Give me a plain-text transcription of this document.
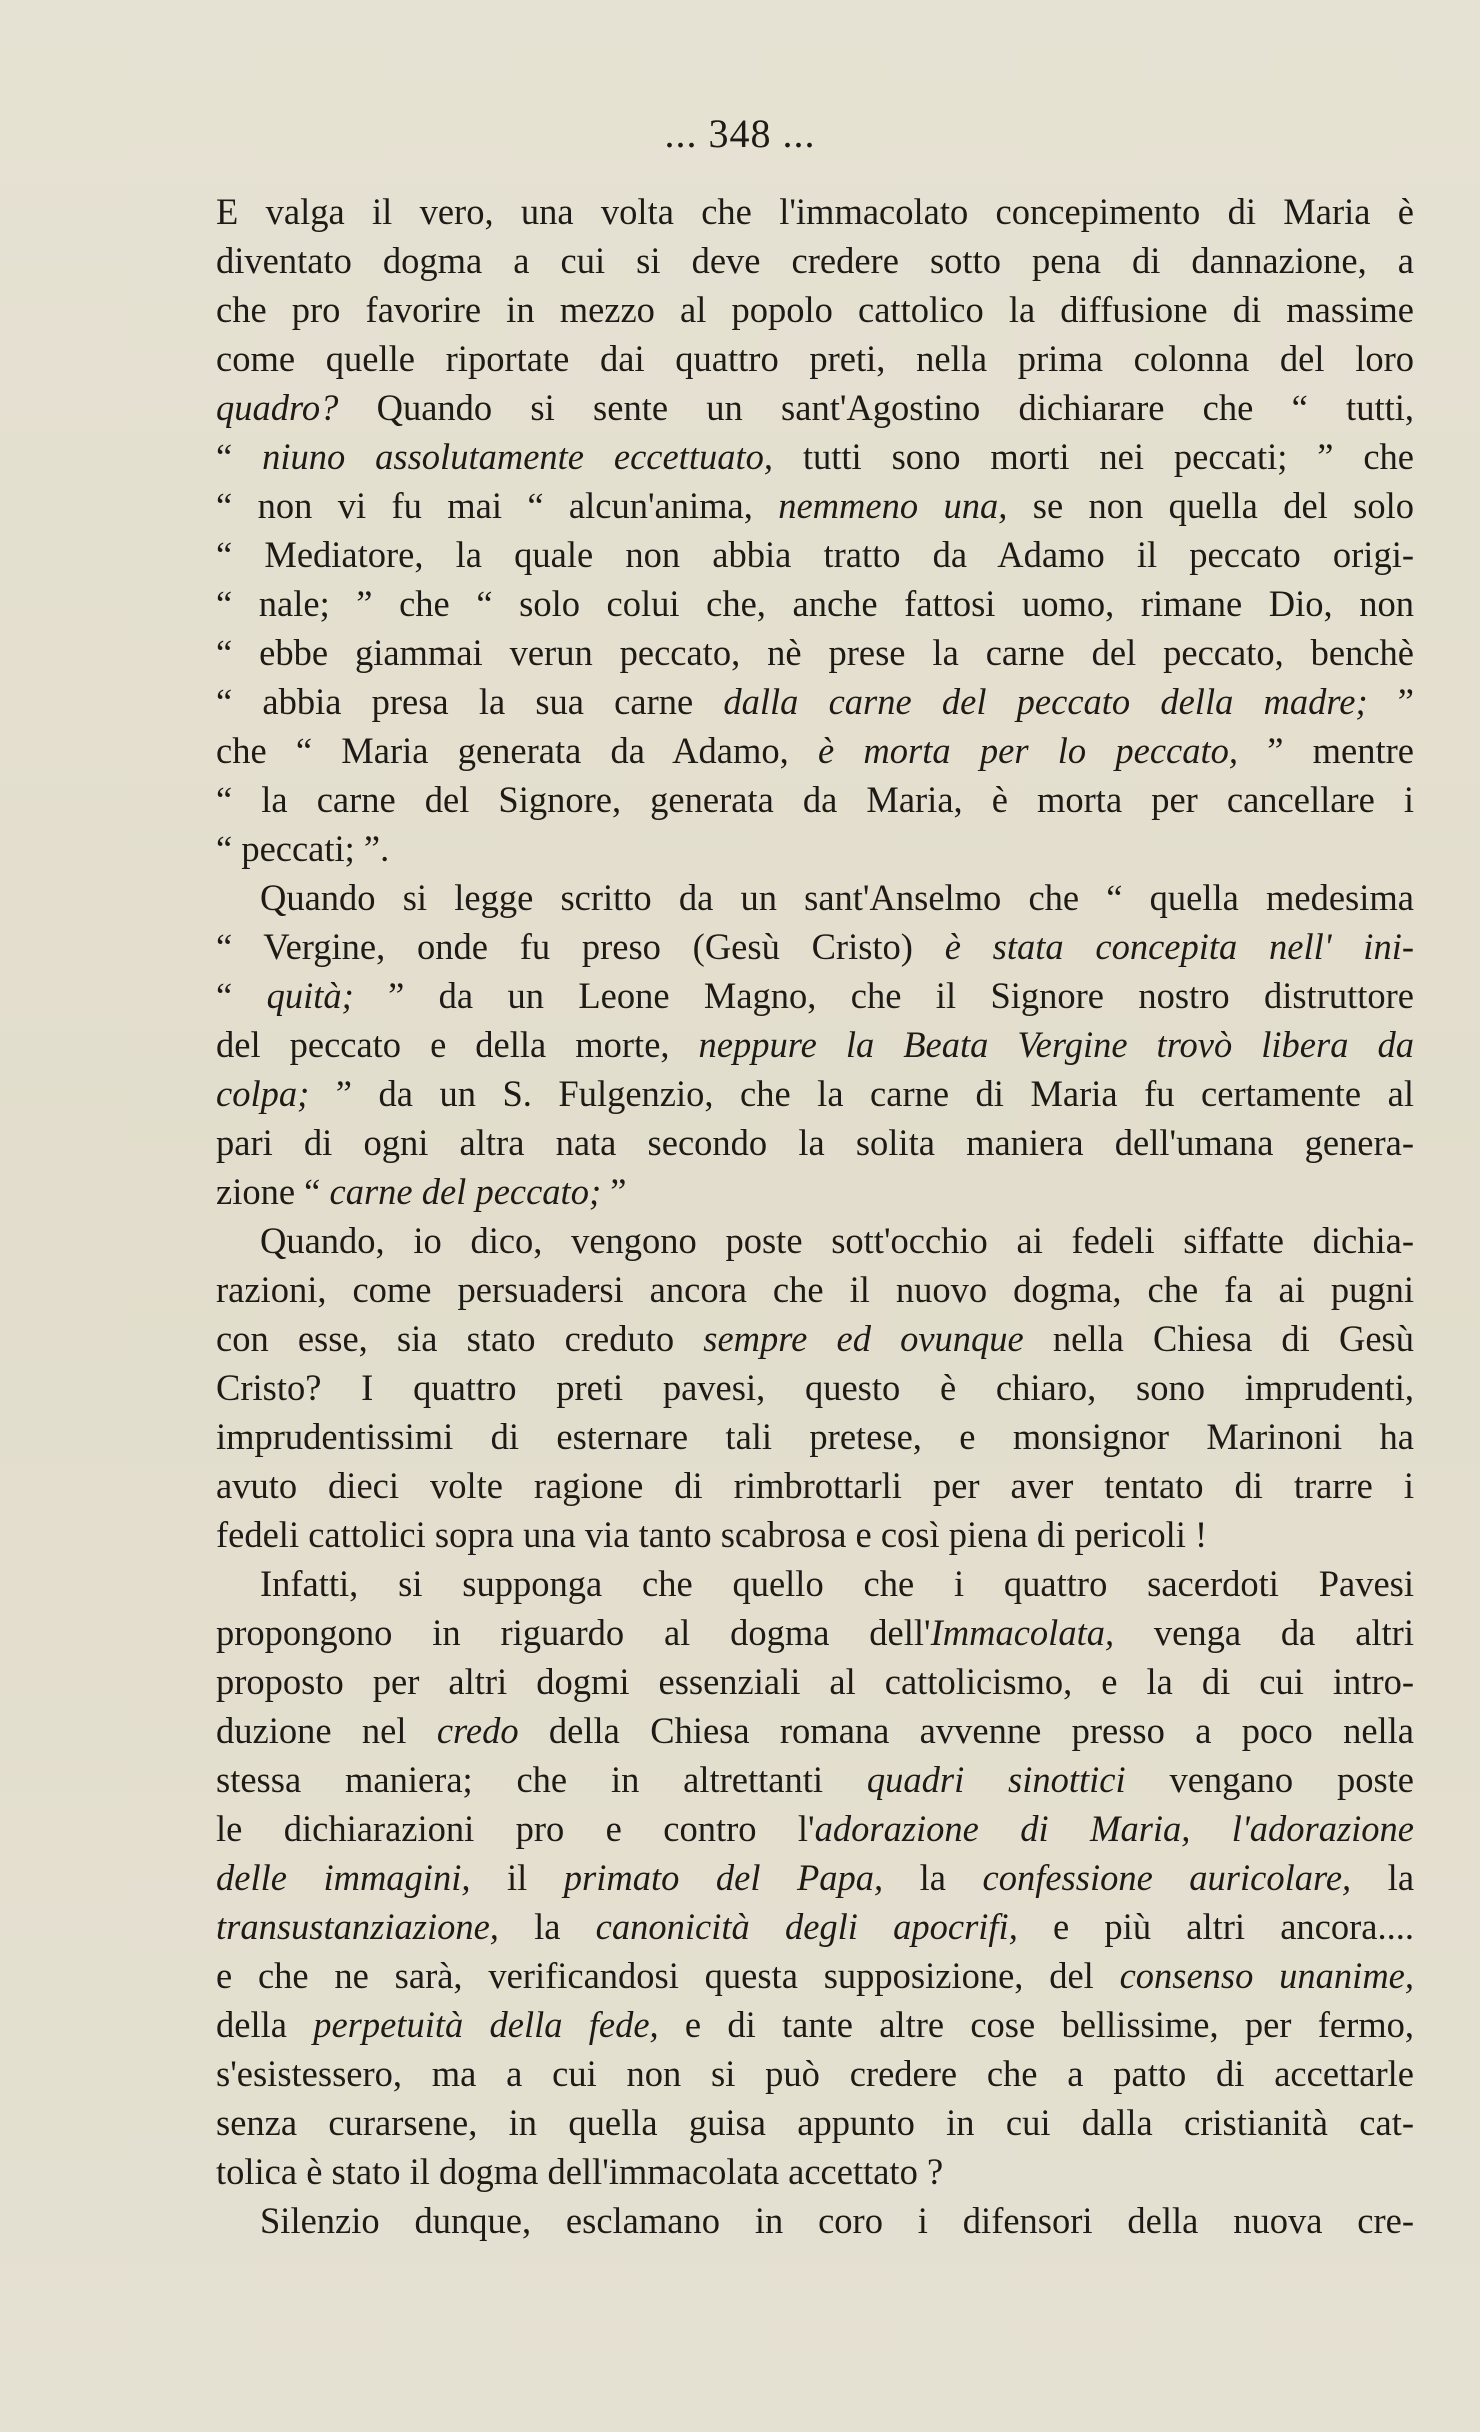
... 348 ...
E valga il vero, una volta che l'immacolato concepimento di Maria è
diventato dogma a cui si deve credere sotto pena di dannazione, a
che pro favorire in mezzo al popolo cattolico la diffusione di massime
come quelle riportate dai quattro preti, nella prima colonna del loro
quadro? Quando si sente un sant'Agostino dichiarare che “ tutti,
“ niuno assolutamente eccettuato, tutti sono morti nei peccati; ” che
“ non vi fu mai “ alcun'anima, nemmeno una, se non quella del solo
“ Mediatore, la quale non abbia tratto da Adamo il peccato origi-
“ nale; ” che “ solo colui che, anche fattosi uomo, rimane Dio, non
“ ebbe giammai verun peccato, nè prese la carne del peccato, benchè
“ abbia presa la sua carne dalla carne del peccato della madre; ”
che “ Maria generata da Adamo, è morta per lo peccato, ” mentre
“ la carne del Signore, generata da Maria, è morta per cancellare i
“ peccati; ”.
Quando si legge scritto da un sant'Anselmo che “ quella medesima
“ Vergine, onde fu preso (Gesù Cristo) è stata concepita nell' ini-
“ quità; ” da un Leone Magno, che il Signore nostro distruttore
del peccato e della morte, neppure la Beata Vergine trovò libera da
colpa; ” da un S. Fulgenzio, che la carne di Maria fu certamente al
pari di ogni altra nata secondo la solita maniera dell'umana genera-
zione “ carne del peccato; ”
Quando, io dico, vengono poste sott'occhio ai fedeli siffatte dichia-
razioni, come persuadersi ancora che il nuovo dogma, che fa ai pugni
con esse, sia stato creduto sempre ed ovunque nella Chiesa di Gesù
Cristo? I quattro preti pavesi, questo è chiaro, sono imprudenti,
imprudentissimi di esternare tali pretese, e monsignor Marinoni ha
avuto dieci volte ragione di rimbrottarli per aver tentato di trarre i
fedeli cattolici sopra una via tanto scabrosa e così piena di pericoli !
Infatti, si supponga che quello che i quattro sacerdoti Pavesi
propongono in riguardo al dogma dell'Immacolata, venga da altri
proposto per altri dogmi essenziali al cattolicismo, e la di cui intro-
duzione nel credo della Chiesa romana avvenne presso a poco nella
stessa maniera; che in altrettanti quadri sinottici vengano poste
le dichiarazioni pro e contro l'adorazione di Maria, l'adorazione
delle immagini, il primato del Papa, la confessione auricolare, la
transustanziazione, la canonicità degli apocrifi, e più altri ancora....
e che ne sarà, verificandosi questa supposizione, del consenso unanime,
della perpetuità della fede, e di tante altre cose bellissime, per fermo,
s'esistessero, ma a cui non si può credere che a patto di accettarle
senza curarsene, in quella guisa appunto in cui dalla cristianità cat-
tolica è stato il dogma dell'immacolata accettato ?
Silenzio dunque, esclamano in coro i difensori della nuova cre-
